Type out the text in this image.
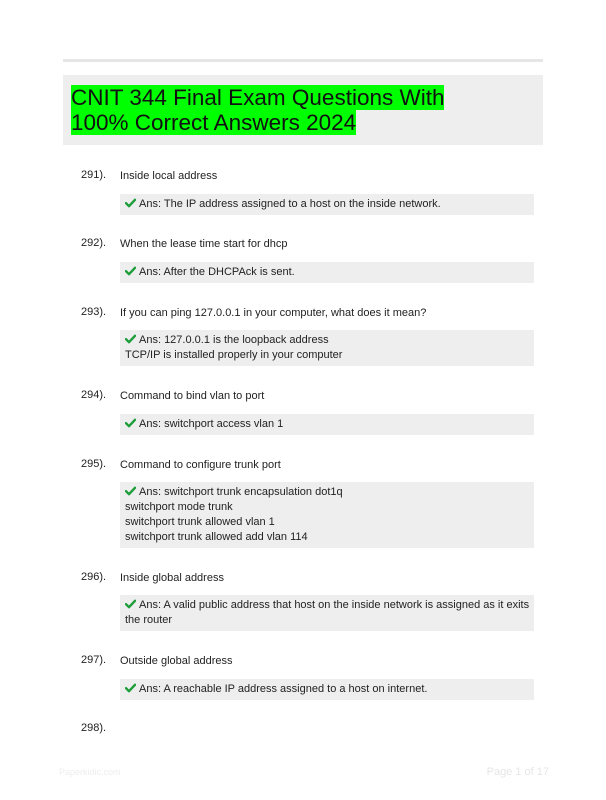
CNIT 344 Final Exam Questions With 100% Correct Answers 2024
291). Inside local address
Ans: The IP address assigned to a host on the inside network.
292). When the lease time start for dhcp
Ans: After the DHCPAck is sent.
293). If you can ping 127.0.0.1 in your computer, what does it mean?
Ans: 127.0.0.1 is the loopback address
TCP/IP is installed properly in your computer
294). Command to bind vlan to port
Ans: switchport access vlan 1
295). Command to configure trunk port
Ans: switchport trunk encapsulation dot1q
switchport mode trunk
switchport trunk allowed vlan 1
switchport trunk allowed add vlan 114
296). Inside global address
Ans: A valid public address that host on the inside network is assigned as it exits
the router
297). Outside global address
Ans: A reachable IP address assigned to a host on internet.
298).
Paperkidic.com	Page 1 of 17
